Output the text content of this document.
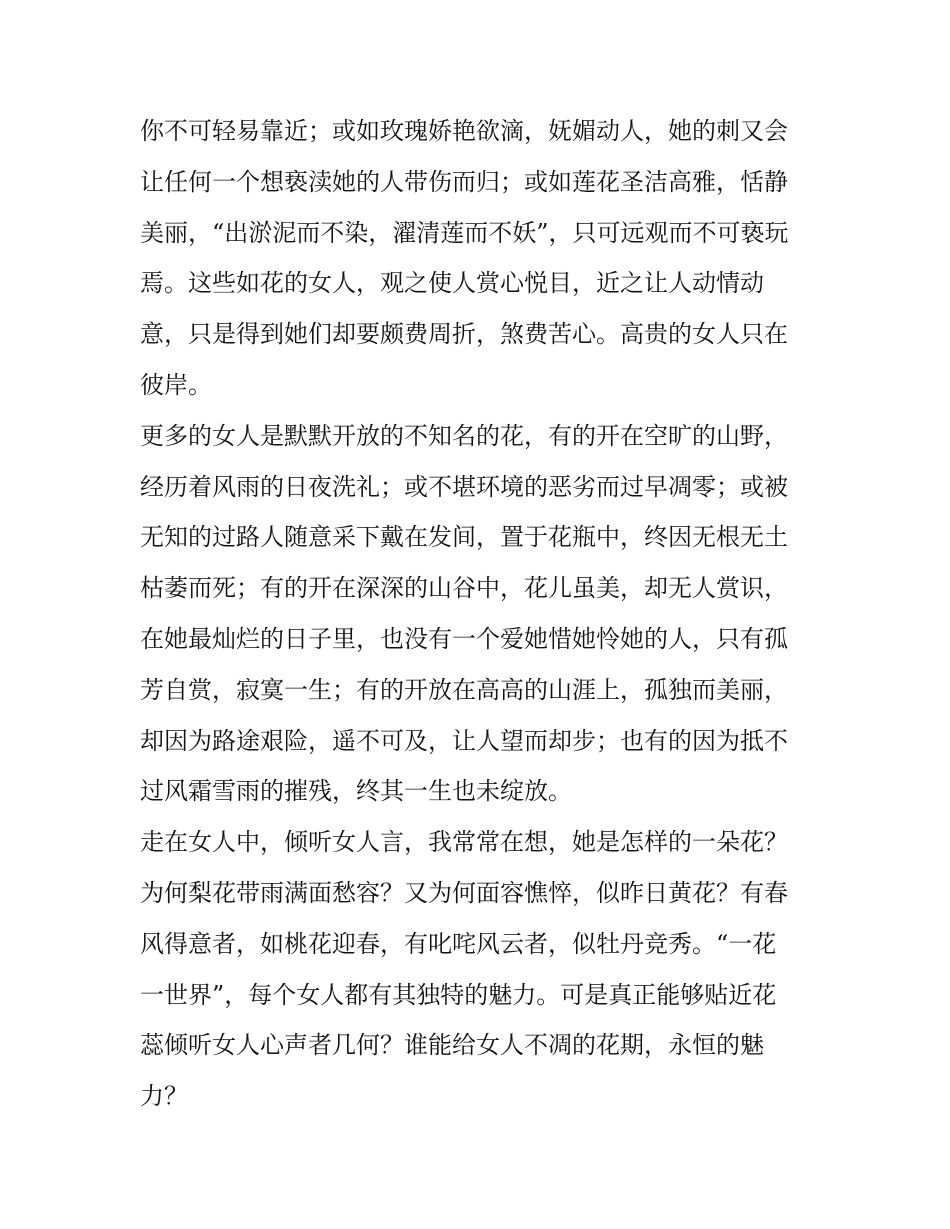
你不可轻易靠近；或如玫瑰娇艳欲滴，妩媚动人，她的刺又会
让任何一个想亵渎她的人带伤而归；或如莲花圣洁高雅，恬静
美丽，“出淤泥而不染，濯清莲而不妖”，只可远观而不可亵玩
焉。这些如花的女人，观之使人赏心悦目，近之让人动情动
意，只是得到她们却要颇费周折，煞费苦心。高贵的女人只在
彼岸。
更多的女人是默默开放的不知名的花，有的开在空旷的山野，
经历着风雨的日夜洗礼；或不堪环境的恶劣而过早凋零；或被
无知的过路人随意采下戴在发间，置于花瓶中，终因无根无土
枯萎而死；有的开在深深的山谷中，花儿虽美，却无人赏识，
在她最灿烂的日子里，也没有一个爱她惜她怜她的人，只有孤
芳自赏，寂寞一生；有的开放在高高的山涯上，孤独而美丽，
却因为路途艰险，遥不可及，让人望而却步；也有的因为抵不
过风霜雪雨的摧残，终其一生也未绽放。
走在女人中，倾听女人言，我常常在想，她是怎样的一朵花？
为何梨花带雨满面愁容？又为何面容憔悴，似昨日黄花？有春
风得意者，如桃花迎春，有叱咤风云者，似牡丹竞秀。“一花
一世界”，每个女人都有其独特的魅力。可是真正能够贴近花
蕊倾听女人心声者几何？谁能给女人不凋的花期，永恒的魅
力？
